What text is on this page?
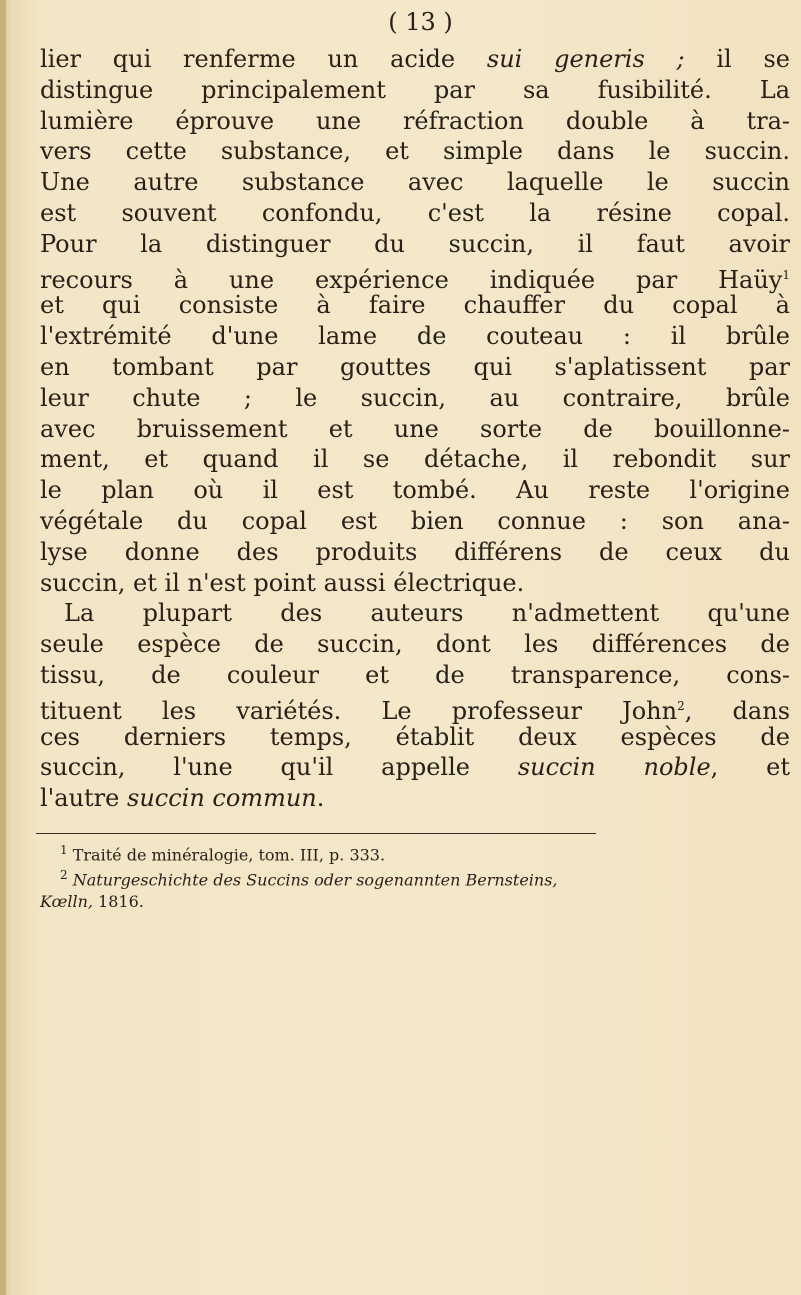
( 13 )
lier qui renferme un acide sui generis ; il se
distingue principalement par sa fusibilité. La
lumière éprouve une réfraction double à tra-
vers cette substance, et simple dans le succin.
Une autre substance avec laquelle le succin
est souvent confondu, c'est la résine copal.
Pour la distinguer du succin, il faut avoir
recours à une expérience indiquée par Haüy$^1$
et qui consiste à faire chauffer du copal à
l'extrémité d'une lame de couteau : il brûle
en tombant par gouttes qui s'aplatissent par
leur chute ; le succin, au contraire, brûle
avec bruissement et une sorte de bouillonne-
ment, et quand il se détache, il rebondit sur
le plan où il est tombé. Au reste l'origine
végétale du copal est bien connue : son ana-
lyse donne des produits différens de ceux du
succin, et il n'est point aussi électrique.
La plupart des auteurs n'admettent qu'une
seule espèce de succin, dont les différences de
tissu, de couleur et de transparence, cons-
tituent les variétés. Le professeur John$^2$, dans
ces derniers temps, établit deux espèces de
succin, l'une qu'il appelle succin noble, et
l'autre succin commun.
$^1$ Traité de minéralogie, tom. III, p. 333.
$^2$ Naturgeschichte des Succins oder sogenannten Bernsteins,
Kœlln, 1816.
